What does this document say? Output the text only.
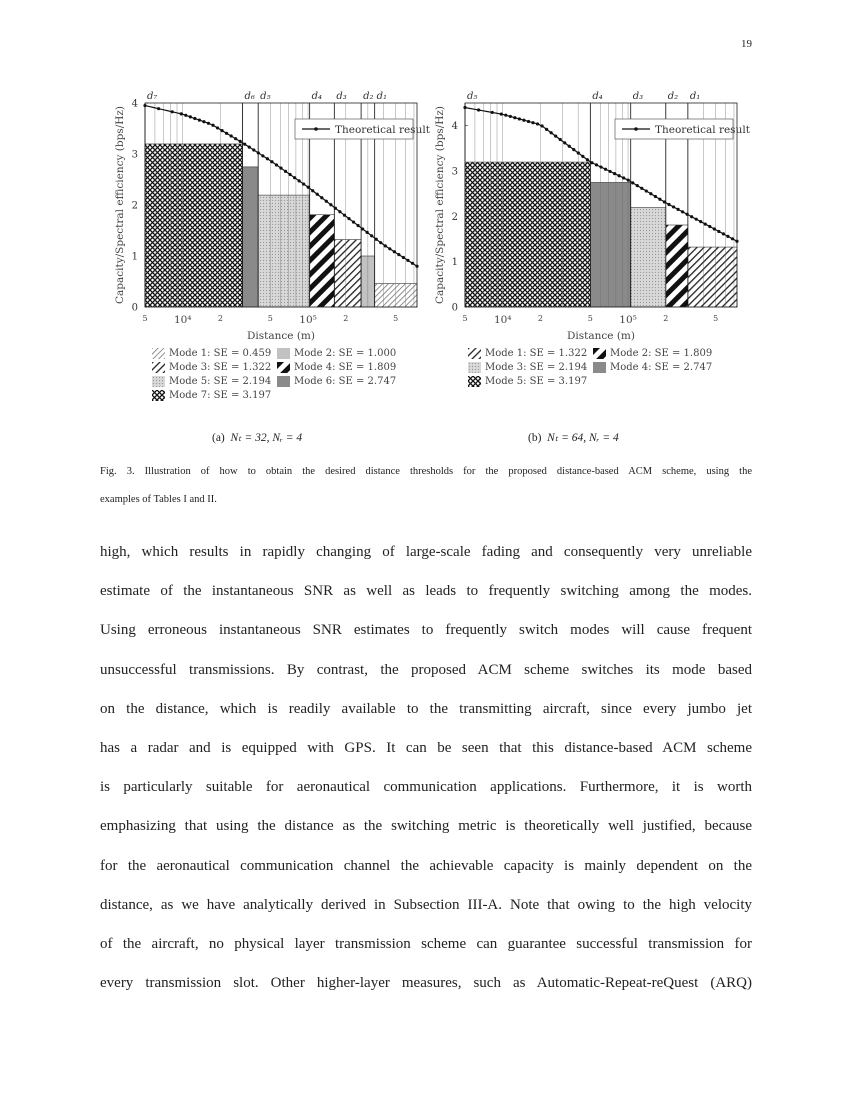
19
d₇	d₆ d₅	d₄ d₃ d₂ d₁
0
1
2
3
4
5	10⁴	2	5	10⁵	2	5
Distance (m)
Capacity/Spectral efficiency (bps/Hz)	Theoretical result
d₅	d₄	d₃ d₂ d₁
0
1
2
3
4
5	10⁴	2	5	10⁵	2	5
Distance (m)
Capacity/Spectral efficiency (bps/Hz)	Theoretical result
Mode 1: SE = 0.459 Mode 2: SE = 1.000
Mode 3: SE = 1.322 Mode 4: SE = 1.809
Mode 5: SE = 2.194 Mode 6: SE = 2.747
Mode 7: SE = 3.197
Mode 1: SE = 1.322 Mode 2: SE = 1.809
Mode 3: SE = 2.194 Mode 4: SE = 2.747
Mode 5: SE = 3.197
(a) Nₜ = 32, Nᵣ = 4	(b) Nₜ = 64, Nᵣ = 4
Fig. 3. Illustration of how to obtain the desired distance thresholds for the proposed distance-based ACM scheme, using the
examples of Tables I and II.
high, which results in rapidly changing of large-scale fading and consequently very unreliable
estimate of the instantaneous SNR as well as leads to frequently switching among the modes.
Using erroneous instantaneous SNR estimates to frequently switch modes will cause frequent
unsuccessful transmissions. By contrast, the proposed ACM scheme switches its mode based
on the distance, which is readily available to the transmitting aircraft, since every jumbo jet
has a radar and is equipped with GPS. It can be seen that this distance-based ACM scheme
is particularly suitable for aeronautical communication applications. Furthermore, it is worth
emphasizing that using the distance as the switching metric is theoretically well justified, because
for the aeronautical communication channel the achievable capacity is mainly dependent on the
distance, as we have analytically derived in Subsection III-A. Note that owing to the high velocity
of the aircraft, no physical layer transmission scheme can guarantee successful transmission for
every transmission slot. Other higher-layer measures, such as Automatic-Repeat-reQuest (ARQ)
